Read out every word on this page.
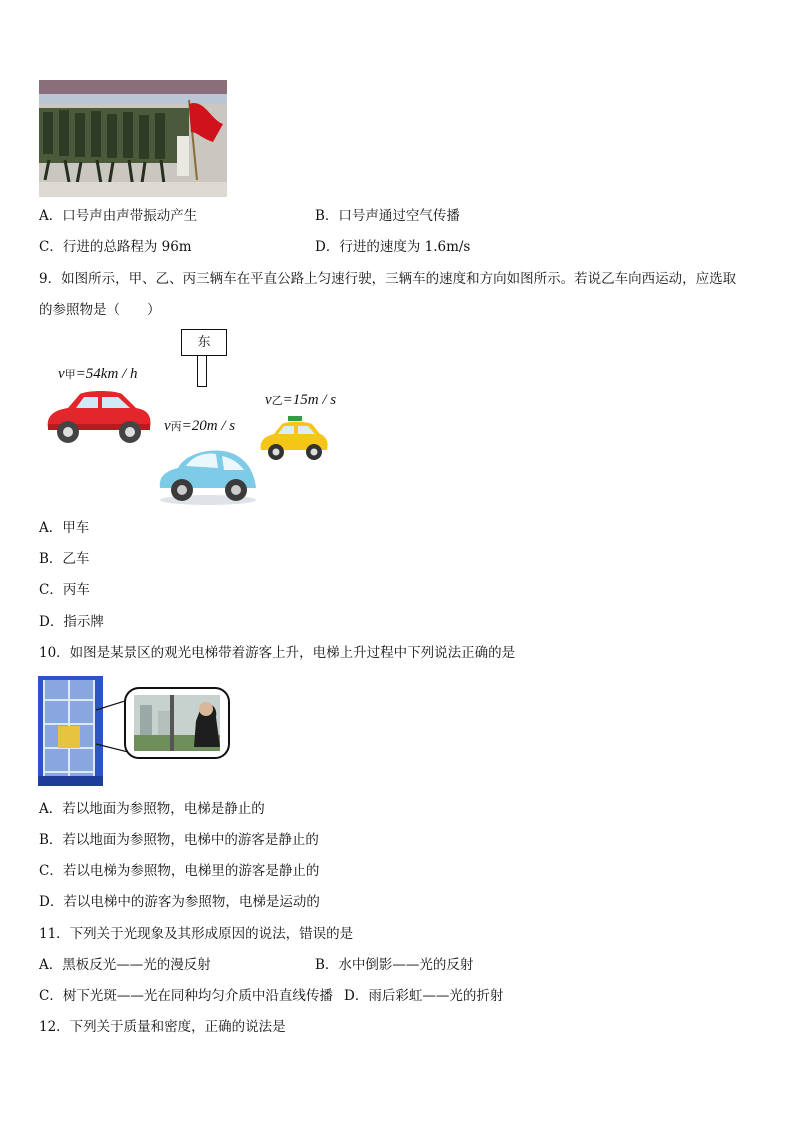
A．口号声由声带振动产生	B．口号声通过空气传播
C．行进的总路程为 96m	D．行进的速度为 1.6m/s
9．如图所示，甲、乙、丙三辆车在平直公路上匀速行驶，三辆车的速度和方向如图所示。若说乙车向西运动，应选取
的参照物是（　　）
东
v甲=54km / h
v丙=20m / s
v乙=15m / s
A．甲车
B．乙车
C．丙车
D．指示牌
10．如图是某景区的观光电梯带着游客上升，电梯上升过程中下列说法正确的是
A．若以地面为参照物，电梯是静止的
B．若以地面为参照物，电梯中的游客是静止的
C．若以电梯为参照物，电梯里的游客是静止的
D．若以电梯中的游客为参照物，电梯是运动的
11．下列关于光现象及其形成原因的说法，错误的是
A．黑板反光——光的漫反射	B．水中倒影——光的反射
C．树下光斑——光在同种均匀介质中沿直线传播 D．雨后彩虹——光的折射
12．下列关于质量和密度，正确的说法是
